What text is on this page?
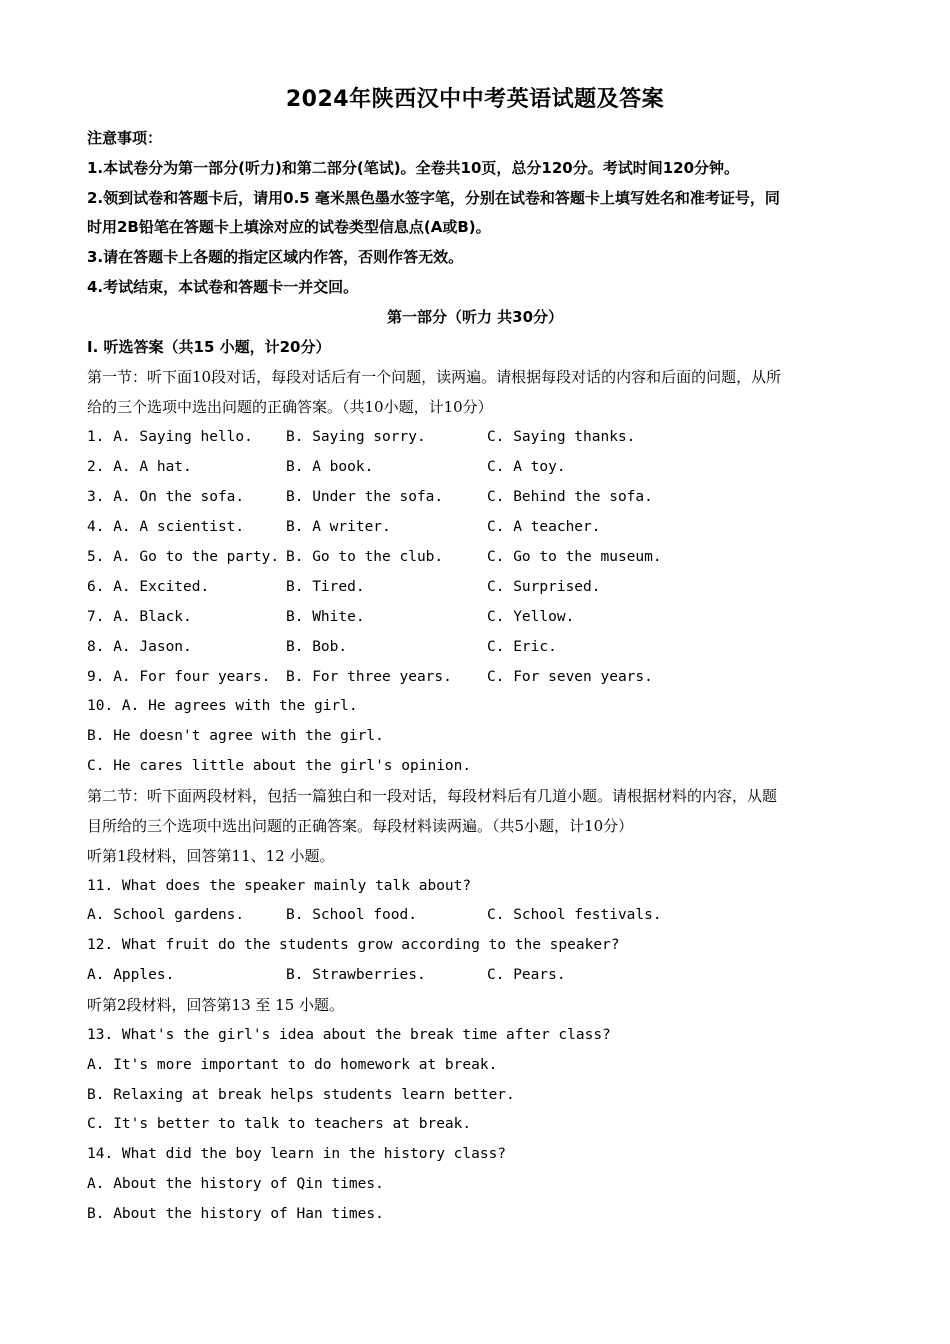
2024年陕西汉中中考英语试题及答案
注意事项：
1.本试卷分为第一部分(听力)和第二部分(笔试)。全卷共10页，总分120分。考试时间120分钟。
2.领到试卷和答题卡后，请用0.5 毫米黑色墨水签字笔，分别在试卷和答题卡上填写姓名和准考证号，同
时用2B铅笔在答题卡上填涂对应的试卷类型信息点(A或B)。
3.请在答题卡上各题的指定区域内作答，否则作答无效。
4.考试结束，本试卷和答题卡一并交回。
第一部分（听力 共30分）
Ⅰ. 听选答案（共15 小题，计20分）
第一节：听下面10段对话，每段对话后有一个问题，读两遍。请根据每段对话的内容和后面的问题，从所
给的三个选项中选出问题的正确答案。（共10小题，计10分）
1. A. Saying hello. B. Saying sorry.	C. Saying thanks.
2. A. A hat.	B. A book.	C. A toy.
3. A. On the sofa.	B. Under the sofa.	C. Behind the sofa.
4. A. A scientist.	B. A writer.	C. A teacher.
5. A. Go to the party. B. Go to the club.	C. Go to the museum.
6. A. Excited.	B. Tired.	C. Surprised.
7. A. Black.	B. White.	C. Yellow.
8. A. Jason.	B. Bob.	C. Eric.
9. A. For four years. B. For three years. C. For seven years.
10. A. He agrees with the girl.
B. He doesn't agree with the girl.
C. He cares little about the girl's opinion.
第二节：听下面两段材料，包括一篇独白和一段对话，每段材料后有几道小题。请根据材料的内容，从题
目所给的三个选项中选出问题的正确答案。每段材料读两遍。（共5小题，计10分）
听第1段材料，回答第11、12 小题。
11. What does the speaker mainly talk about?
A. School gardens.	B. School food.	C. School festivals.
12. What fruit do the students grow according to the speaker?
A. Apples.	B. Strawberries.	C. Pears.
听第2段材料，回答第13 至 15 小题。
13. What's the girl's idea about the break time after class?
A. It's more important to do homework at break.
B. Relaxing at break helps students learn better.
C. It's better to talk to teachers at break.
14. What did the boy learn in the history class?
A. About the history of Qin times.
B. About the history of Han times.
